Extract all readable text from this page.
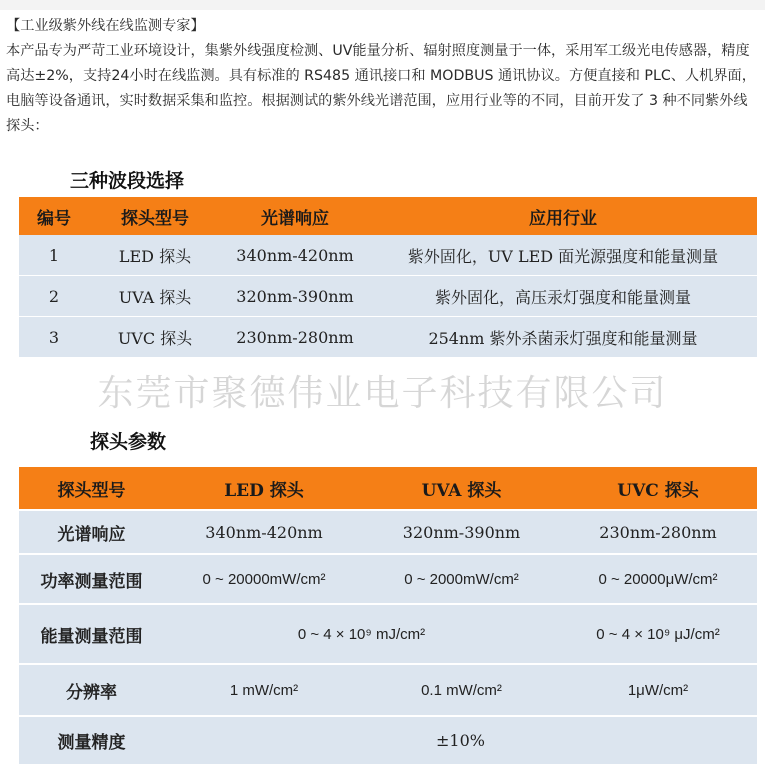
【工业级紫外线在线监测专家】
本产品专为严苛工业环境设计，集紫外线强度检测、UV能量分析、辐射照度测量于一体，采用军工级光电传感器，精度高达±2%，支持24小时在线监测。具有标准的 RS485 通讯接口和 MODBUS 通讯协议。方便直接和 PLC、人机界面，电脑等设备通讯，实时数据采集和监控。根据测试的紫外线光谱范围，应用行业等的不同，目前开发了 3 种不同紫外线探头：
三种波段选择
编号	探头型号	光谱响应	应用行业
1	LED 探头	340nm-420nm	紫外固化，UV LED 面光源强度和能量测量
2	UVA 探头	320nm-390nm	紫外固化，高压汞灯强度和能量测量
3	UVC 探头	230nm-280nm	254nm 紫外杀菌汞灯强度和能量测量
东莞市聚德伟业电子科技有限公司
探头参数
探头型号	LED 探头	UVA 探头	UVC 探头
光谱响应	340nm-420nm	320nm-390nm	230nm-280nm
功率测量范围	0 ~ 20000mW/cm²	0 ~ 2000mW/cm²	0 ~ 20000μW/cm²
能量测量范围	0 ~ 4 × 10⁹ mJ/cm²		0 ~ 4 × 10⁹ μJ/cm²
分辨率	1 mW/cm²	0.1 mW/cm²	1μW/cm²
测量精度	±10%		
